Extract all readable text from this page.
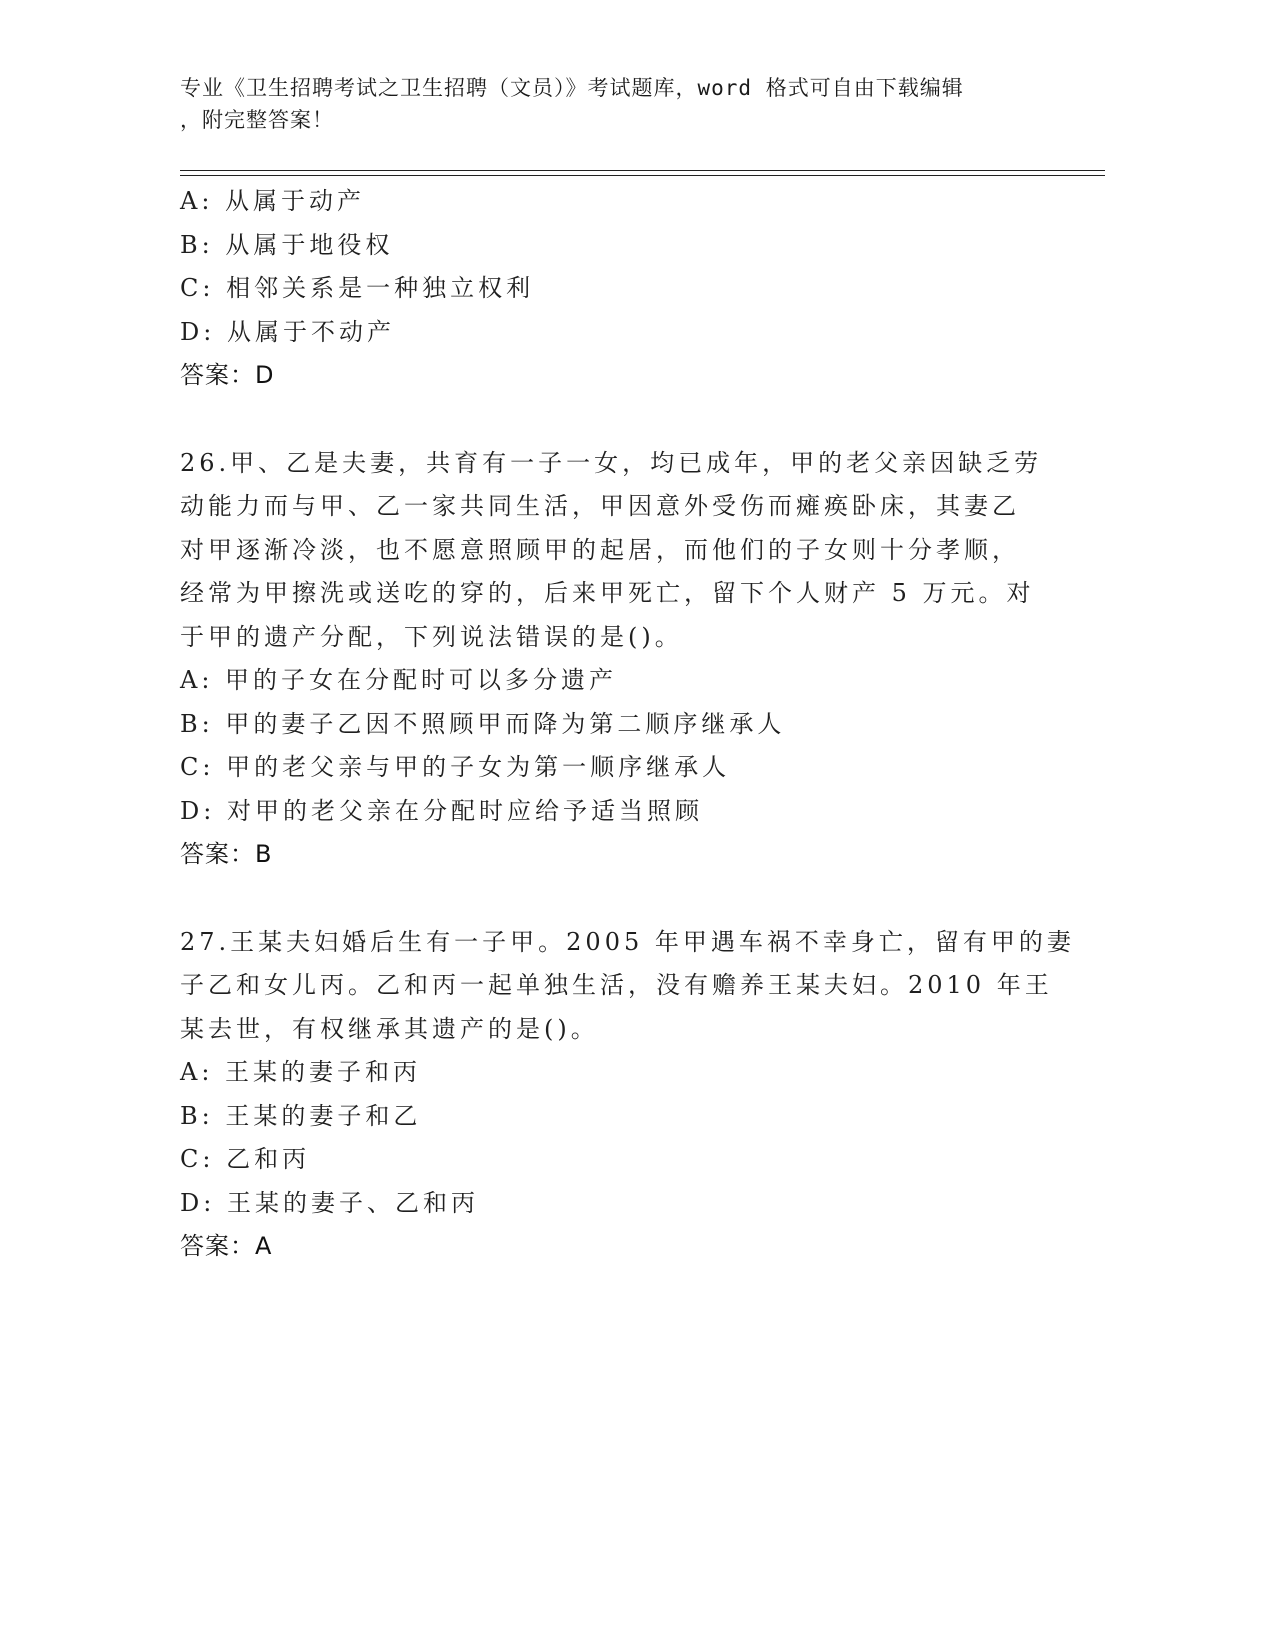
专业《卫生招聘考试之卫生招聘（文员）》考试题库，word 格式可自由下载编辑
，附完整答案！
A: 从属于动产
B: 从属于地役权
C: 相邻关系是一种独立权利
D: 从属于不动产
答案：D
26.甲、乙是夫妻，共育有一子一女，均已成年，甲的老父亲因缺乏劳
动能力而与甲、乙一家共同生活，甲因意外受伤而瘫痪卧床，其妻乙
对甲逐渐冷淡，也不愿意照顾甲的起居，而他们的子女则十分孝顺，
经常为甲擦洗或送吃的穿的，后来甲死亡，留下个人财产 5 万元。对
于甲的遗产分配，下列说法错误的是()。
A: 甲的子女在分配时可以多分遗产
B: 甲的妻子乙因不照顾甲而降为第二顺序继承人
C: 甲的老父亲与甲的子女为第一顺序继承人
D: 对甲的老父亲在分配时应给予适当照顾
答案：B
27.王某夫妇婚后生有一子甲。2005 年甲遇车祸不幸身亡，留有甲的妻
子乙和女儿丙。乙和丙一起单独生活，没有赡养王某夫妇。2010 年王
某去世，有权继承其遗产的是()。
A: 王某的妻子和丙
B: 王某的妻子和乙
C: 乙和丙
D: 王某的妻子、乙和丙
答案：A
